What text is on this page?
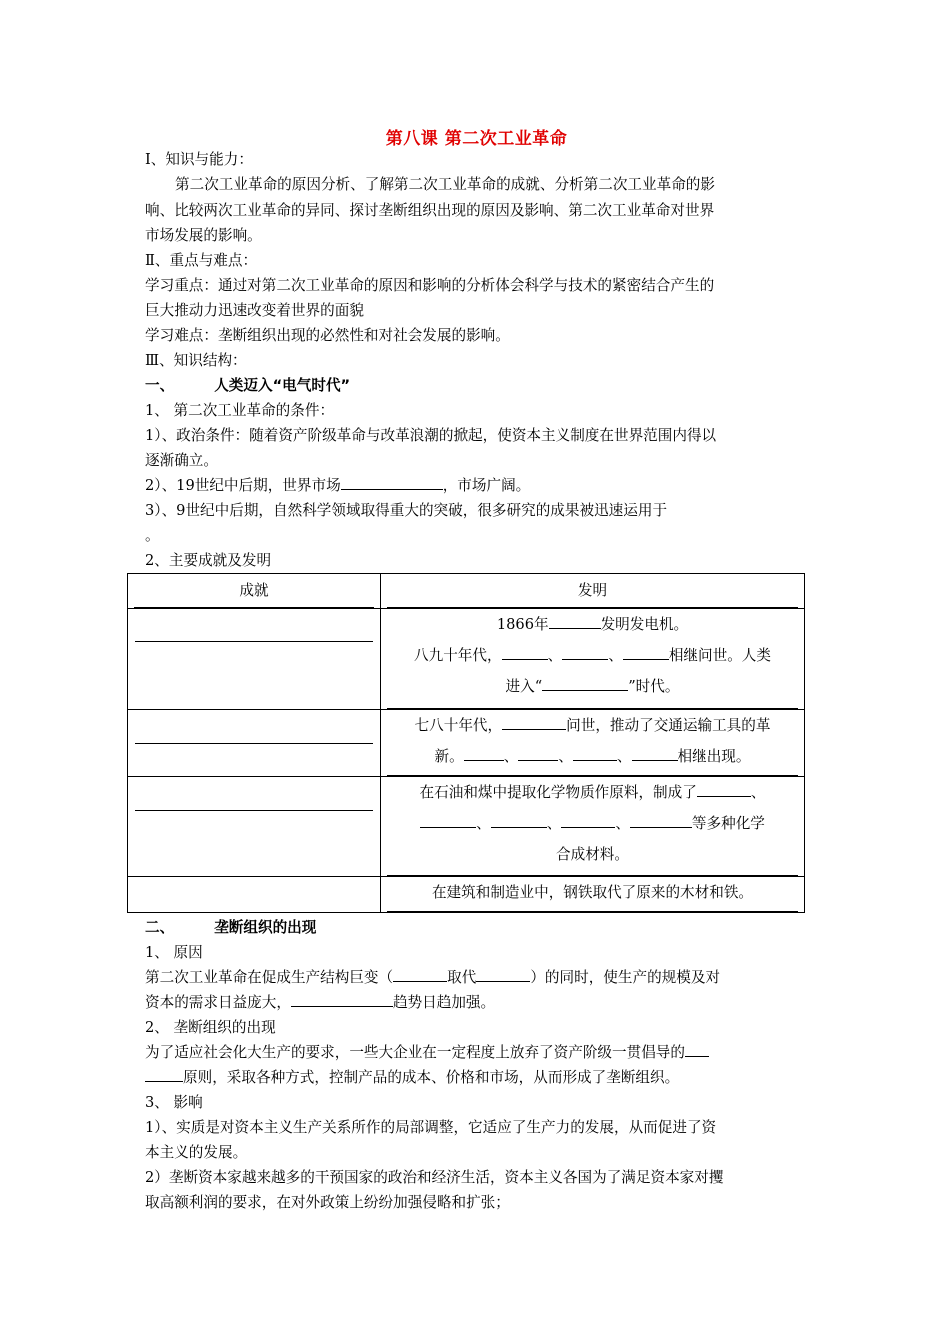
第八课 第二次工业革命
Ⅰ、知识与能力：
第二次工业革命的原因分析、了解第二次工业革命的成就、分析第二次工业革命的影
响、比较两次工业革命的异同、探讨垄断组织出现的原因及影响、第二次工业革命对世界
市场发展的影响。
Ⅱ、重点与难点：
学习重点：通过对第二次工业革命的原因和影响的分析体会科学与技术的紧密结合产生的
巨大推动力迅速改变着世界的面貌
学习难点：垄断组织出现的必然性和对社会发展的影响。
Ⅲ、知识结构：
一、	人类迈入“电气时代”
1、 第二次工业革命的条件：
1）、政治条件：随着资产阶级革命与改革浪潮的掀起，使资本主义制度在世界范围内得以
逐渐确立。
2）、19世纪中后期，世界市场	，市场广阔。
3）、9世纪中后期，自然科学领域取得重大的突破，很多研究的成果被迅速运用于
。
2、主要成就及发明
成就	发明

	1866年 发明发电机。
八九十年代， 、 、 相继问世。人类
进入“ ”时代。

	七八十年代， 问世，推动了交通运输工具的革
新。 、 、 、 相继出现。

	在石油和煤中提取化学物质作原料，制成了 、
、 、 、 等多种化学
合成材料。

	在建筑和制造业中，钢铁取代了原来的木材和铁。
二、	垄断组织的出现
1、 原因
第二次工业革命在促成生产结构巨变（	取代	）的同时，使生产的规模及对
资本的需求日益庞大，	趋势日趋加强。
2、 垄断组织的出现
为了适应社会化大生产的要求，一些大企业在一定程度上放弃了资产阶级一贯倡导的
原则，采取各种方式，控制产品的成本、价格和市场，从而形成了垄断组织。
3、 影响
1）、实质是对资本主义生产关系所作的局部调整，它适应了生产力的发展，从而促进了资
本主义的发展。
2）垄断资本家越来越多的干预国家的政治和经济生活，资本主义各国为了满足资本家对攫
取高额利润的要求，在对外政策上纷纷加强侵略和扩张；
